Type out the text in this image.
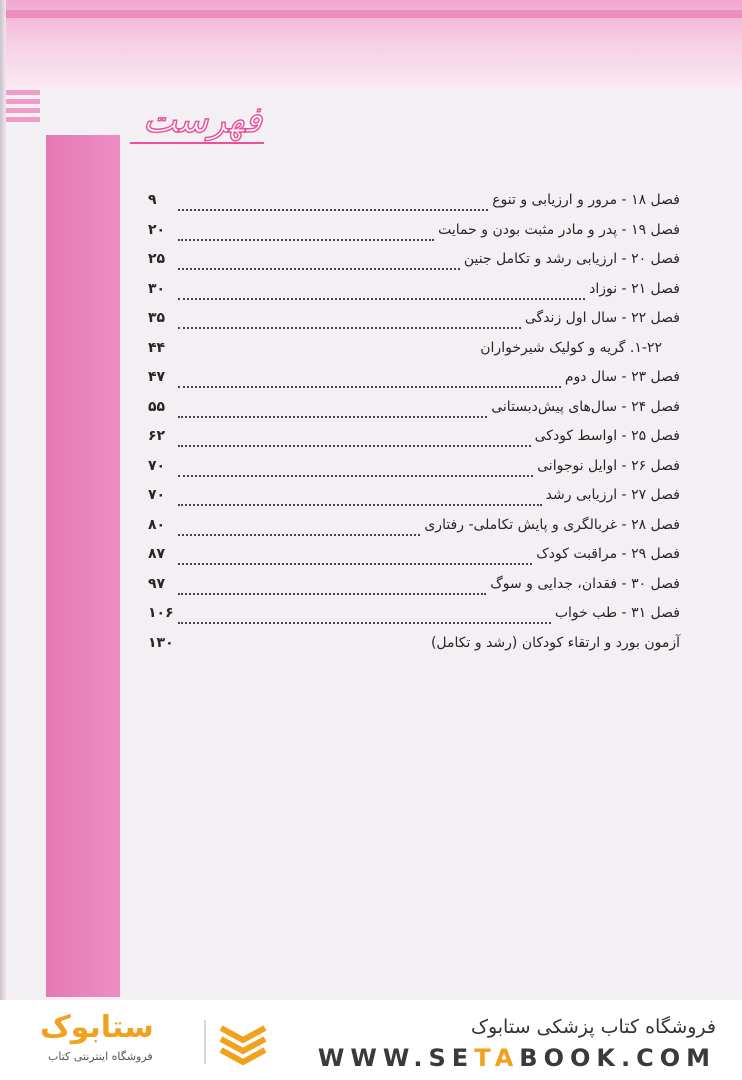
فهرست
فصل ۱۸ - مرور و ارزیابی و تنوع
۹
فصل ۱۹ - پدر و مادر مثبت بودن و حمایت
۲۰
فصل ۲۰ - ارزیابی رشد و تکامل جنین
۲۵
فصل ۲۱ - نوزاد
۳۰
فصل ۲۲ - سال اول زندگی
۳۵
۱-۲۲. گریه و کولیک شیرخواران
۴۴
فصل ۲۳ - سال دوم
۴۷
فصل ۲۴ - سال‌های پیش‌دبستانی
۵۵
فصل ۲۵ - اواسط کودکی
۶۲
فصل ۲۶ - اوایل نوجوانی
۷۰
فصل ۲۷ - ارزیابی رشد
۷۰
فصل ۲۸ - غربالگری و پایش تکاملی- رفتاری
۸۰
فصل ۲۹ - مراقبت کودک
۸۷
فصل ۳۰ - فقدان، جدایی و سوگ
۹۷
فصل ۳۱ - طب خواب
۱۰۶
آزمون بورد و ارتقاء کودکان (رشد و تکامل)
۱۳۰
ستابوک
فروشگاه اینترنتی کتاب
فروشگاه کتاب پزشکی ستابوک
WWW.SETABOOK.COM
